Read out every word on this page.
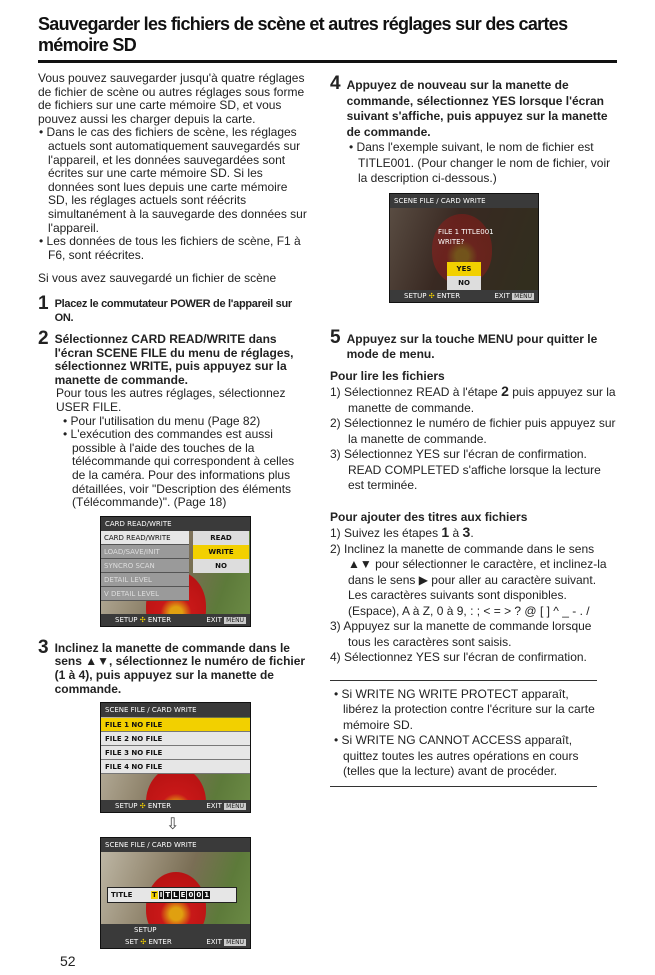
Sauvegarder les fichiers de scène et autres réglages sur des cartes mémoire SD

Vous pouvez sauvegarder jusqu'à quatre réglages de fichier de scène ou autres réglages sous forme de fichiers sur une carte mémoire SD, et vous pouvez aussi les charger depuis la carte.

• Dans le cas des fichiers de scène, les réglages actuels sont automatiquement sauvegardés sur l'appareil, et les données sauvegardées sont écrites sur une carte mémoire SD. Si les données sont lues depuis une carte mémoire SD, les réglages actuels sont réécrits simultanément à la sauvegarde des données sur l'appareil.

• Les données de tous les fichiers de scène, F1 à F6, sont réécrites.

Si vous avez sauvegardé un fichier de scène

1 Placez le commutateur POWER de l'appareil sur ON.
2 Sélectionnez CARD READ/WRITE dans l'écran SCENE FILE du menu de réglages, sélectionnez WRITE, puis appuyez sur la manette de commande.

Pour tous les autres réglages, sélectionnez USER FILE.

• Pour l'utilisation du menu (Page 82)

• L'exécution des commandes est aussi possible à l'aide des touches de la télécommande qui correspondent à celles de la caméra. Pour des informations plus détaillées, voir "Description des éléments (Télécommande)". (Page 18)

CARD READ/WRITE
CARD READ/WRITE
LOAD/SAVE/INIT
SYNCRO SCAN
DETAIL LEVEL
V DETAIL LEVEL
READ
WRITE
NO
SETUP ✣ ENTER	EXIT MENU
3 Inclinez la manette de commande dans le sens ▲▼, sélectionnez le numéro de fichier (1 à 4), puis appuyez sur la manette de commande.
SCENE FILE / CARD WRITE
FILE 1 NO FILE
FILE 2 NO FILE
FILE 3 NO FILE
FILE 4 NO FILE
SETUP ✣ ENTER	EXIT MENU
⇩
SCENE FILE / CARD WRITE
TITLE	T I T L E 0 0 1
SETUP
SET ✣ ENTER	EXIT MENU
4 Appuyez de nouveau sur la manette de commande, sélectionnez YES lorsque l'écran suivant s'affiche, puis appuyez sur la manette de commande.

• Dans l'exemple suivant, le nom de fichier est TITLE001. (Pour changer le nom de fichier, voir la description ci-dessous.)

SCENE FILE / CARD WRITE
FILE 1 TITLE001
WRITE?
YES
NO
SETUP ✣ ENTER	EXIT MENU
5 Appuyez sur la touche MENU pour quitter le mode de menu.

Pour lire les fichiers

1) Sélectionnez READ à l'étape 2 puis appuyez sur la manette de commande.

2) Sélectionnez le numéro de fichier puis appuyez sur la manette de commande.

3) Sélectionnez YES sur l'écran de confirmation. READ COMPLETED s'affiche lorsque la lecture est terminée.

Pour ajouter des titres aux fichiers

1) Suivez les étapes 1 à 3.

2) Inclinez la manette de commande dans le sens ▲▼ pour sélectionner le caractère, et inclinez-la dans le sens ▶ pour aller au caractère suivant.

Les caractères suivants sont disponibles.

(Espace), A à Z, 0 à 9, : ; < = > ? @ [ ] ^ _ - . /

3) Appuyez sur la manette de commande lorsque tous les caractères sont saisis.

4) Sélectionnez YES sur l'écran de confirmation.

• Si WRITE NG WRITE PROTECT apparaît, libérez la protection contre l'écriture sur la carte mémoire SD.

• Si WRITE NG CANNOT ACCESS apparaît, quittez toutes les autres opérations en cours (telles que la lecture) avant de procéder.

52
